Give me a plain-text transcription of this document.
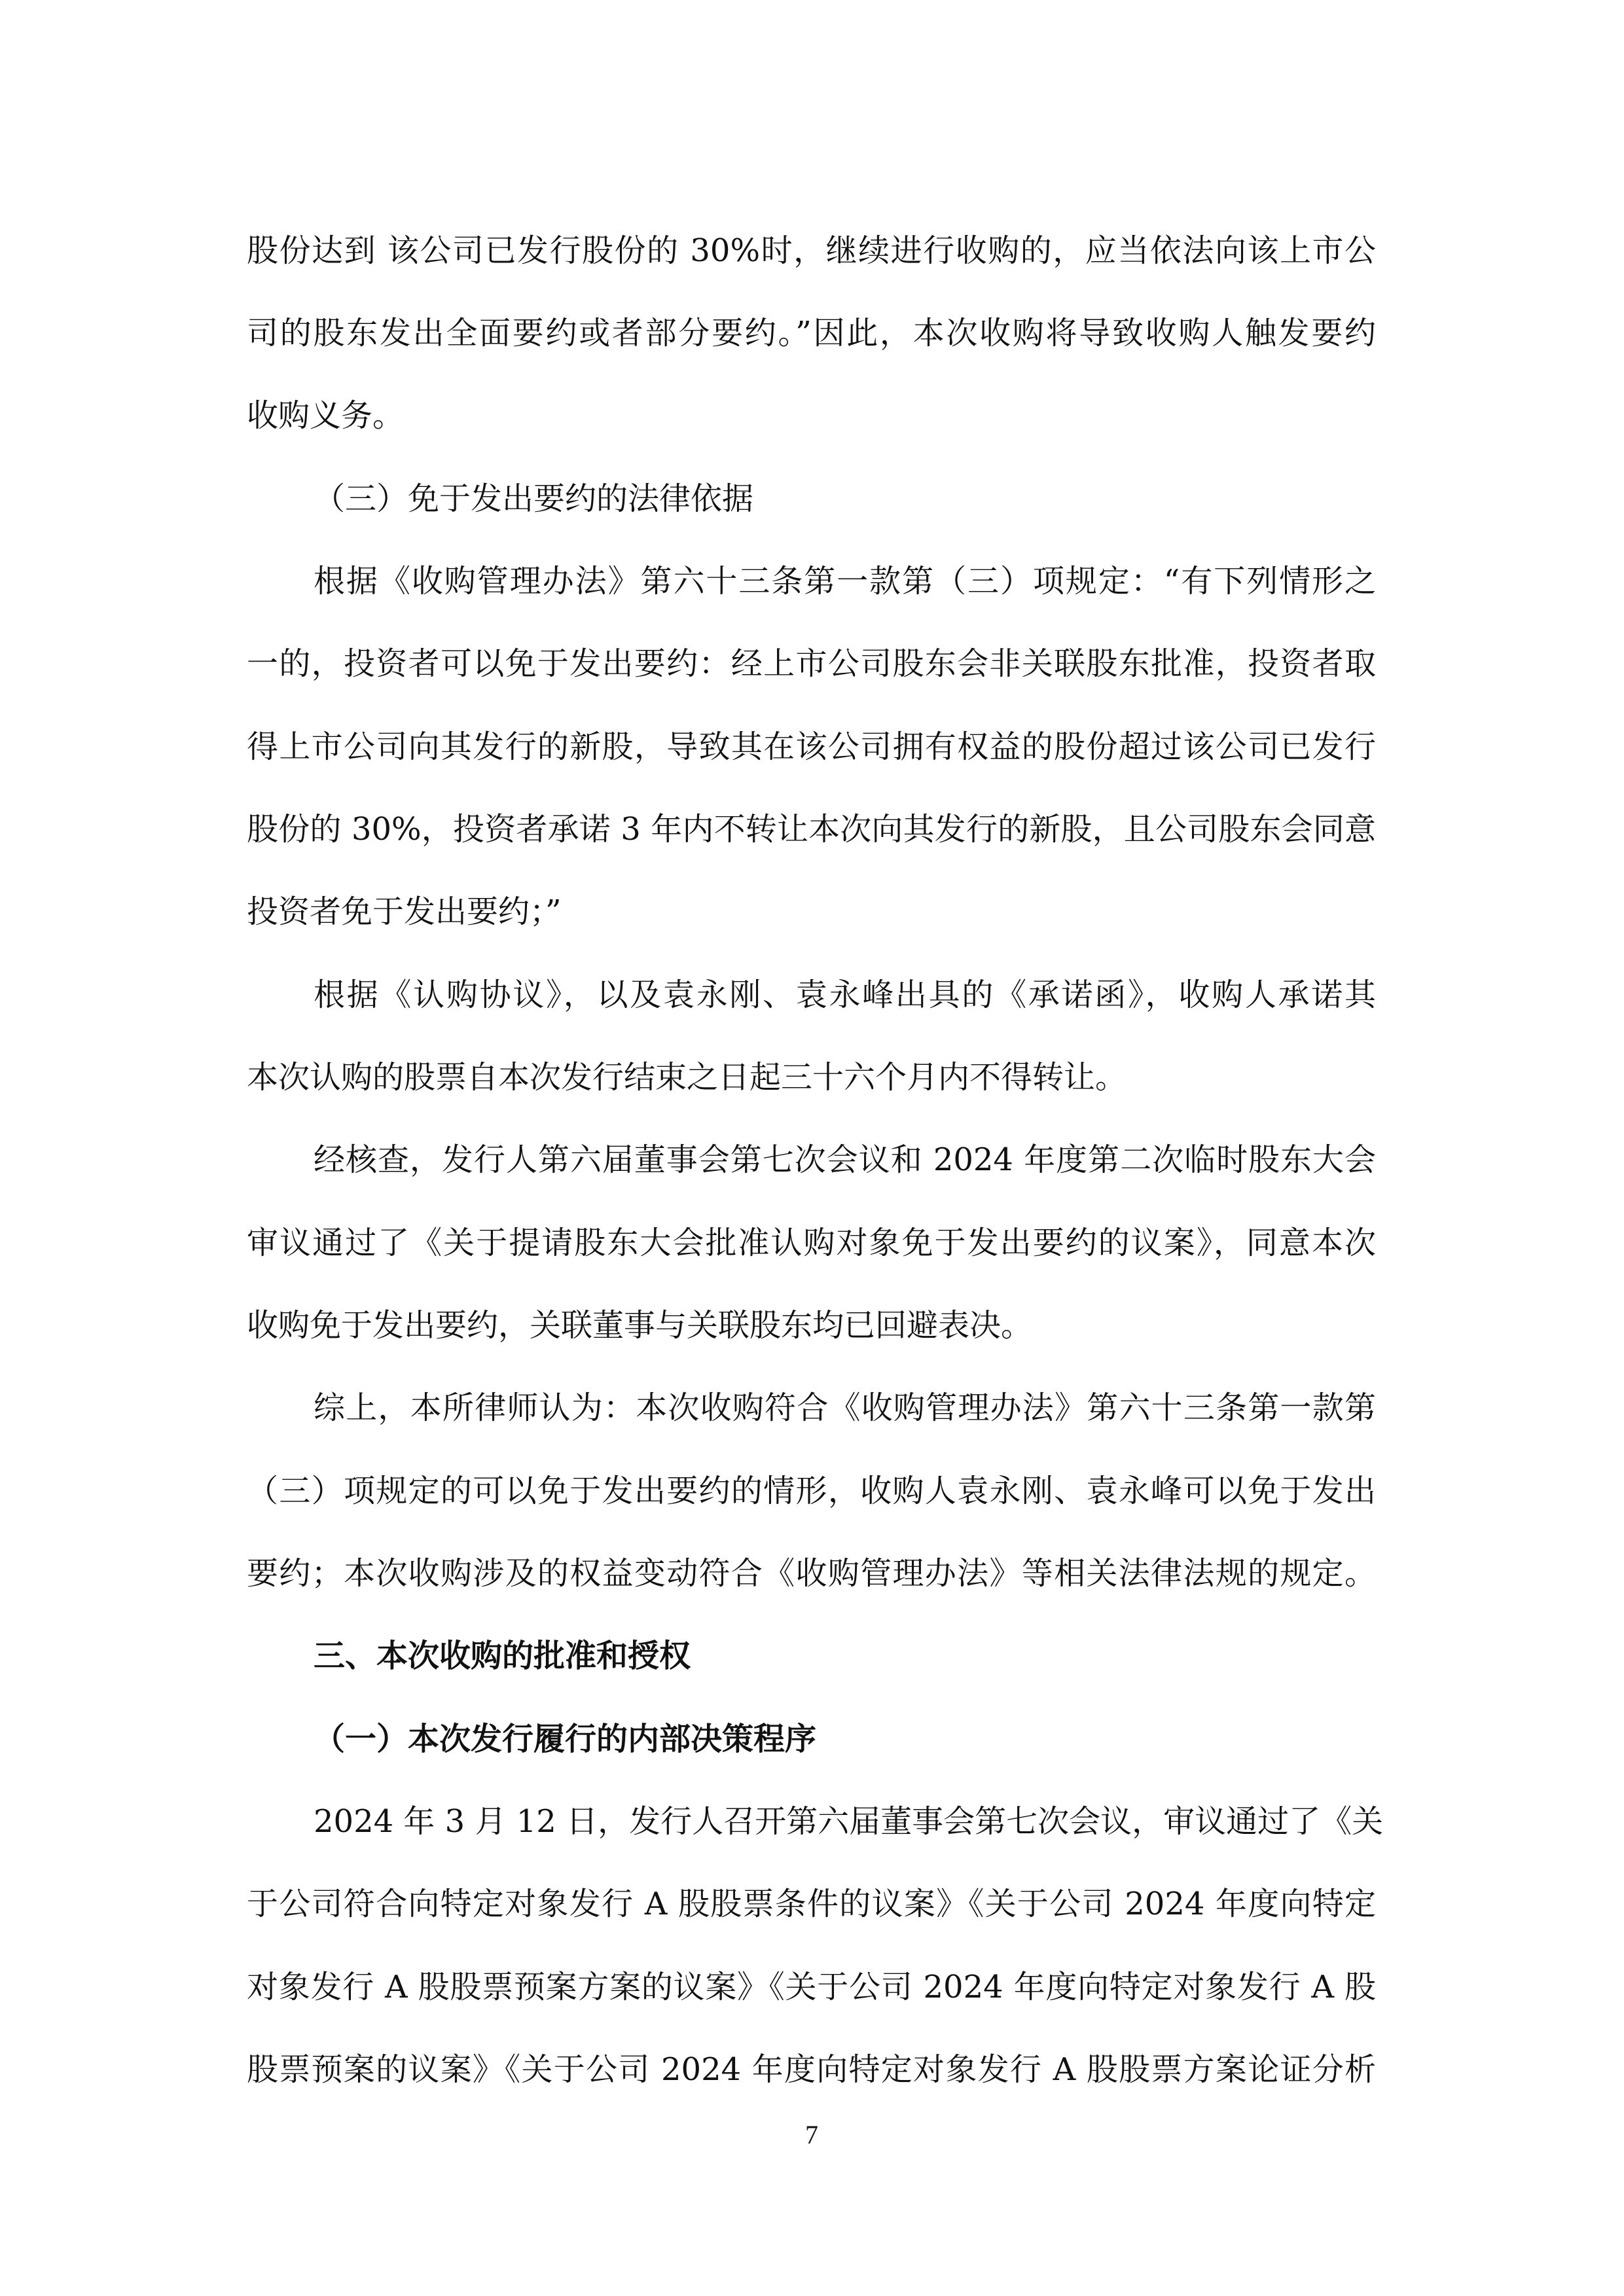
股份达到 该公司已发行股份的 30%时，继续进行收购的，应当依法向该上市公
司的股东发出全面要约或者部分要约。”因此，本次收购将导致收购人触发要约
收购义务。
（三）免于发出要约的法律依据
根据《收购管理办法》第六十三条第一款第（三）项规定：“有下列情形之
一的，投资者可以免于发出要约：经上市公司股东会非关联股东批准，投资者取
得上市公司向其发行的新股，导致其在该公司拥有权益的股份超过该公司已发行
股份的 30%，投资者承诺 3 年内不转让本次向其发行的新股，且公司股东会同意
投资者免于发出要约；”
根据《认购协议》，以及袁永刚、袁永峰出具的《承诺函》，收购人承诺其
本次认购的股票自本次发行结束之日起三十六个月内不得转让。
经核查，发行人第六届董事会第七次会议和 2024 年度第二次临时股东大会
审议通过了《关于提请股东大会批准认购对象免于发出要约的议案》，同意本次
收购免于发出要约，关联董事与关联股东均已回避表决。
综上，本所律师认为：本次收购符合《收购管理办法》第六十三条第一款第
（三）项规定的可以免于发出要约的情形，收购人袁永刚、袁永峰可以免于发出
要约；本次收购涉及的权益变动符合《收购管理办法》等相关法律法规的规定。
三、本次收购的批准和授权
（一）本次发行履行的内部决策程序
2024 年 3 月 12 日，发行人召开第六届董事会第七次会议，审议通过了《关
于公司符合向特定对象发行 A 股股票条件的议案》《关于公司 2024 年度向特定
对象发行 A 股股票预案方案的议案》《关于公司 2024 年度向特定对象发行 A 股
股票预案的议案》《关于公司 2024 年度向特定对象发行 A 股股票方案论证分析
7
